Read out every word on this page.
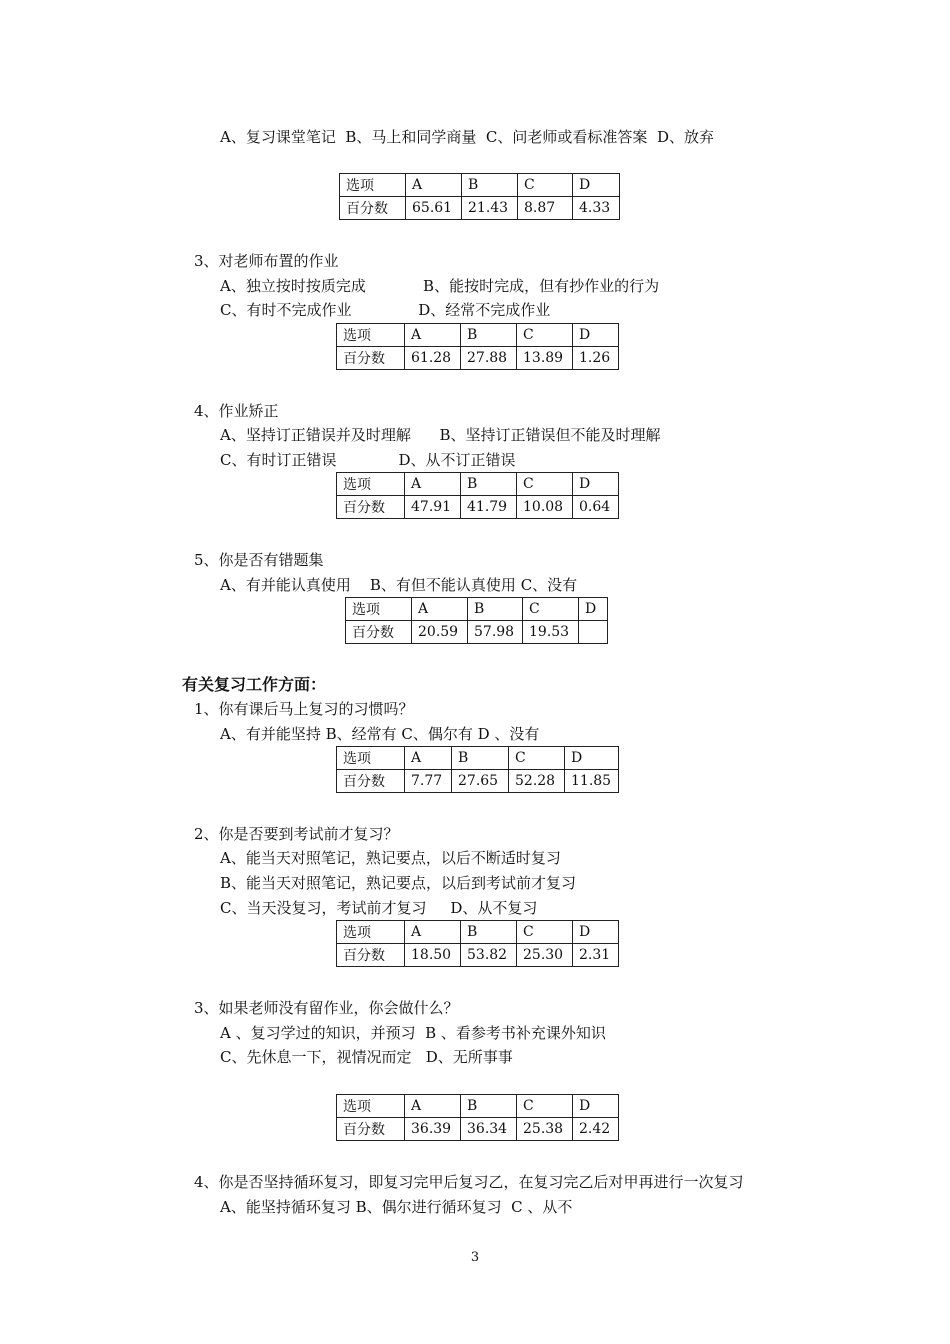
A、复习课堂笔记  B、马上和同学商量  C、问老师或看标准答案  D、放弃
选项	A	B	C	D
百分数	65.61	21.43	8.87	4.33
3、对老师布置的作业
A、独立按时按质完成            B、能按时完成，但有抄作业的行为
C、有时不完成作业              D、经常不完成作业
选项	A	B	C	D
百分数	61.28	27.88	13.89	1.26
4、作业矫正
A、坚持订正错误并及时理解      B、坚持订正错误但不能及时理解
C、有时订正错误             D、从不订正错误
选项	A	B	C	D
百分数	47.91	41.79	10.08	0.64
5、你是否有错题集
A、有并能认真使用    B、有但不能认真使用 C、没有
选项	A	B	C	D
百分数	20.59	57.98	19.53	
有关复习工作方面：
1、你有课后马上复习的习惯吗？
A、有并能坚持 B、经常有 C、偶尔有 D 、没有
选项	A	B	C	D
百分数	7.77	27.65	52.28	11.85
2、你是否要到考试前才复习？
A、能当天对照笔记，熟记要点，以后不断适时复习
B、能当天对照笔记，熟记要点，以后到考试前才复习
C、当天没复习，考试前才复习     D、从不复习
选项	A	B	C	D
百分数	18.50	53.82	25.30	2.31
3、如果老师没有留作业，你会做什么？
A 、复习学过的知识，并预习  B 、看参考书补充课外知识
C、先休息一下，视情况而定   D、无所事事
选项	A	B	C	D
百分数	36.39	36.34	25.38	2.42
4、你是否坚持循环复习，即复习完甲后复习乙，在复习完乙后对甲再进行一次复习
A、能坚持循环复习 B、偶尔进行循环复习  C 、从不
3
